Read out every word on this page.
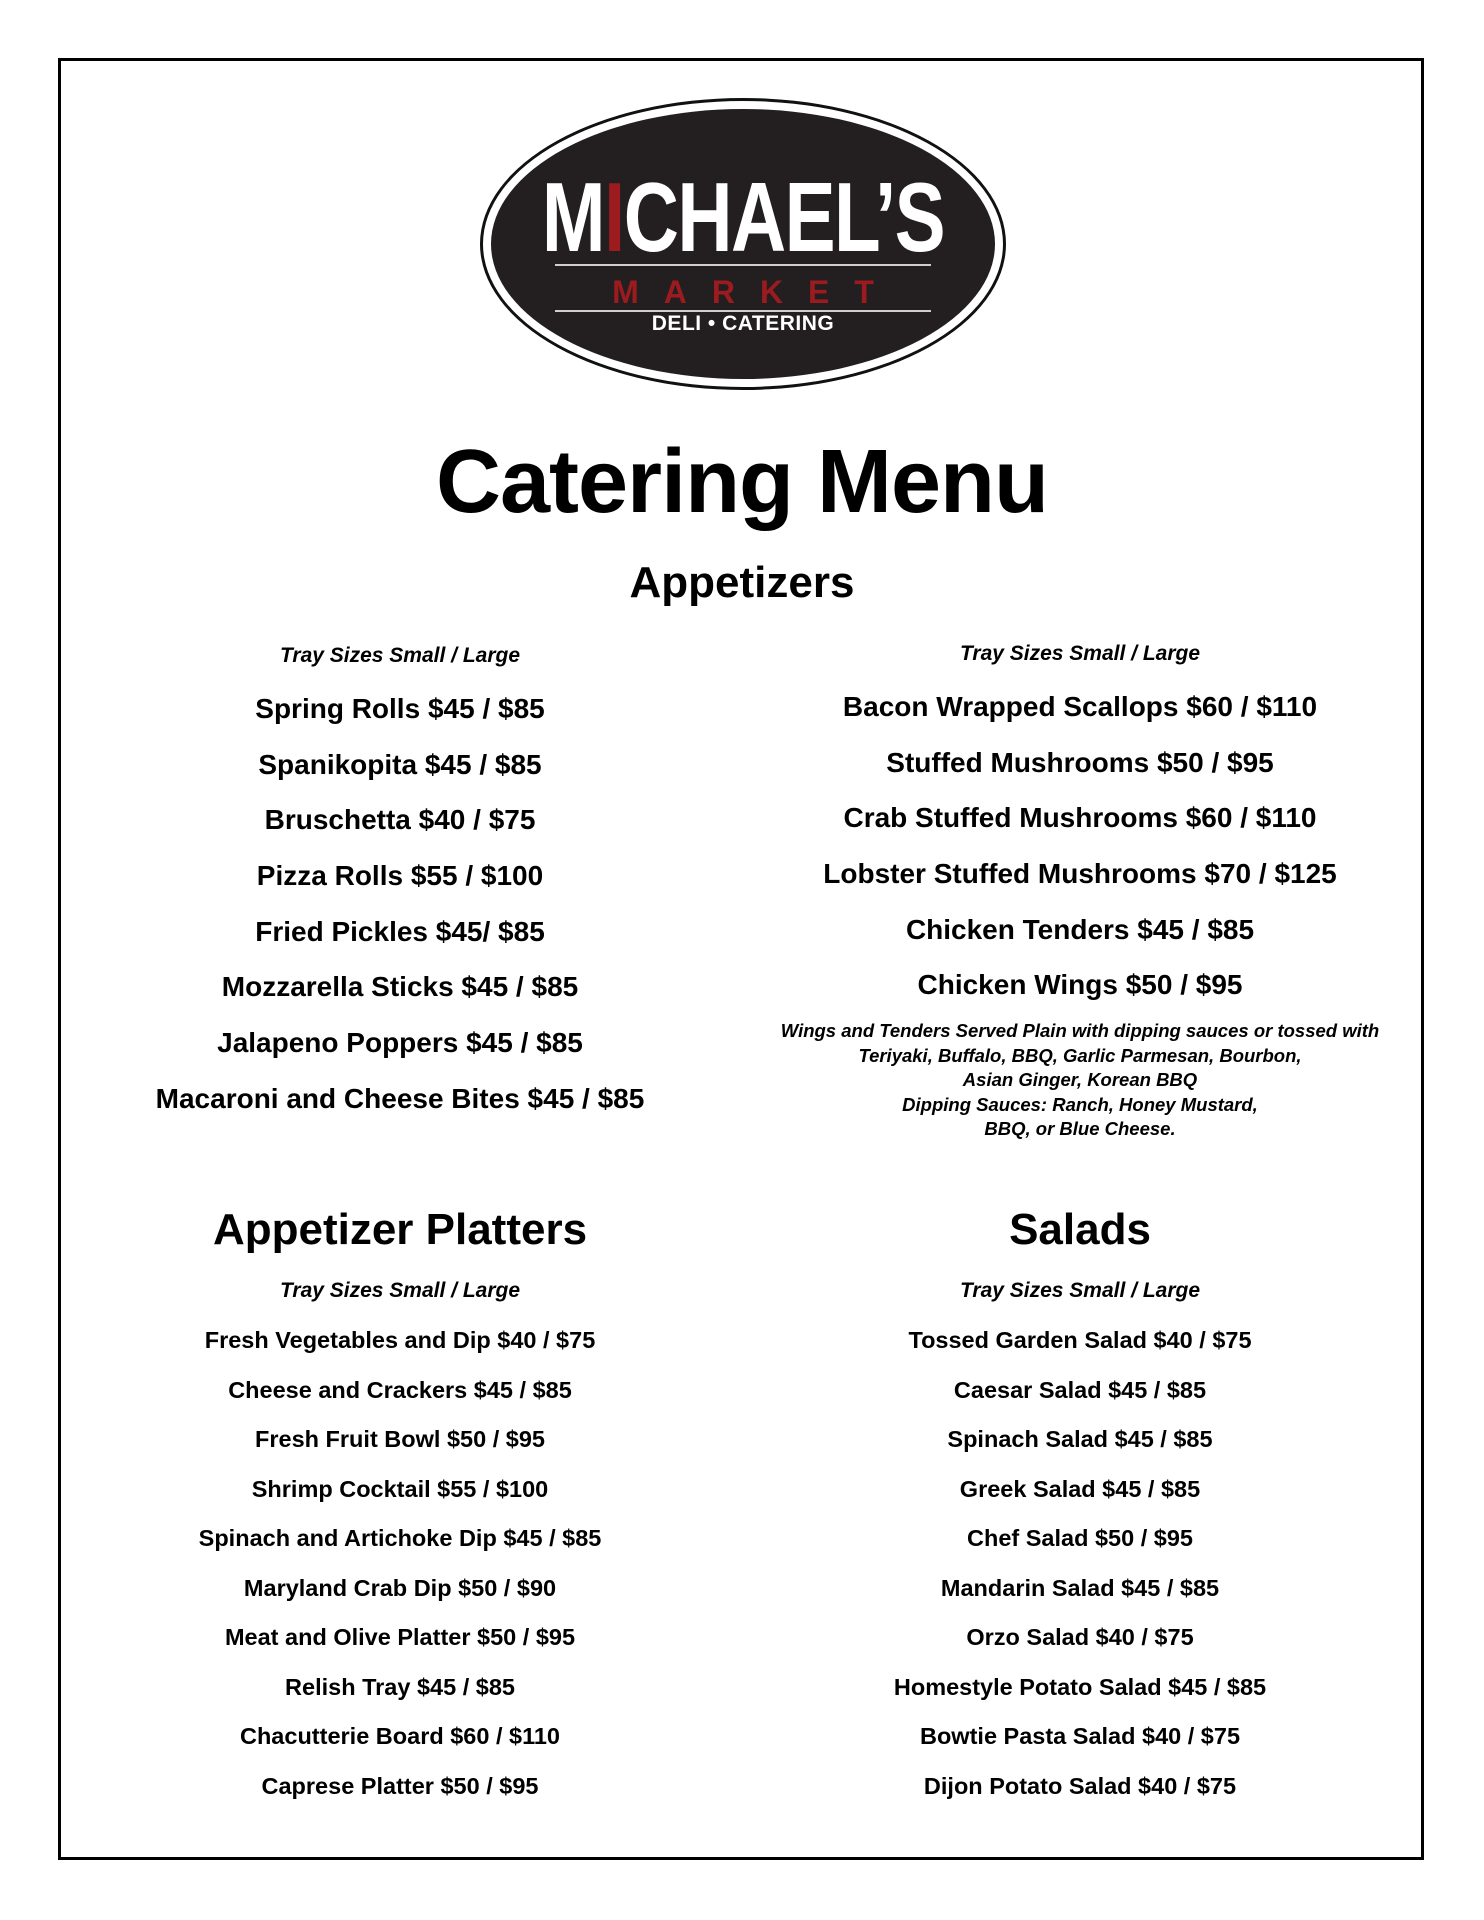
MICHAEL’S
MARKET
DELI • CATERING
Catering Menu
Appetizers
Tray Sizes Small / Large
Spring Rolls $45 / $85
Spanikopita $45 / $85
Bruschetta $40 / $75
Pizza Rolls $55 / $100
Fried Pickles $45/ $85
Mozzarella Sticks $45 / $85
Jalapeno Poppers $45 / $85
Macaroni and Cheese Bites $45 / $85
Tray Sizes Small / Large
Bacon Wrapped Scallops $60 / $110
Stuffed Mushrooms $50 / $95
Crab Stuffed Mushrooms $60 / $110
Lobster Stuffed Mushrooms $70 / $125
Chicken Tenders $45 / $85
Chicken Wings $50 / $95
Wings and Tenders Served Plain with dipping sauces or tossed with
Teriyaki, Buffalo, BBQ, Garlic Parmesan, Bourbon,
Asian Ginger, Korean BBQ
Dipping Sauces: Ranch, Honey Mustard,
BBQ, or Blue Cheese.
Appetizer Platters
Tray Sizes Small / Large
Fresh Vegetables and Dip $40 / $75
Cheese and Crackers $45 / $85
Fresh Fruit Bowl $50 / $95
Shrimp Cocktail $55 / $100
Spinach and Artichoke Dip $45 / $85
Maryland Crab Dip $50 / $90
Meat and Olive Platter $50 / $95
Relish Tray $45 / $85
Chacutterie Board $60 / $110
Caprese Platter $50 / $95
Salads
Tray Sizes Small / Large
Tossed Garden Salad $40 / $75
Caesar Salad $45 / $85
Spinach Salad $45 / $85
Greek Salad $45 / $85
Chef Salad $50 / $95
Mandarin Salad $45 / $85
Orzo Salad $40 / $75
Homestyle Potato Salad $45 / $85
Bowtie Pasta Salad $40 / $75
Dijon Potato Salad $40 / $75
